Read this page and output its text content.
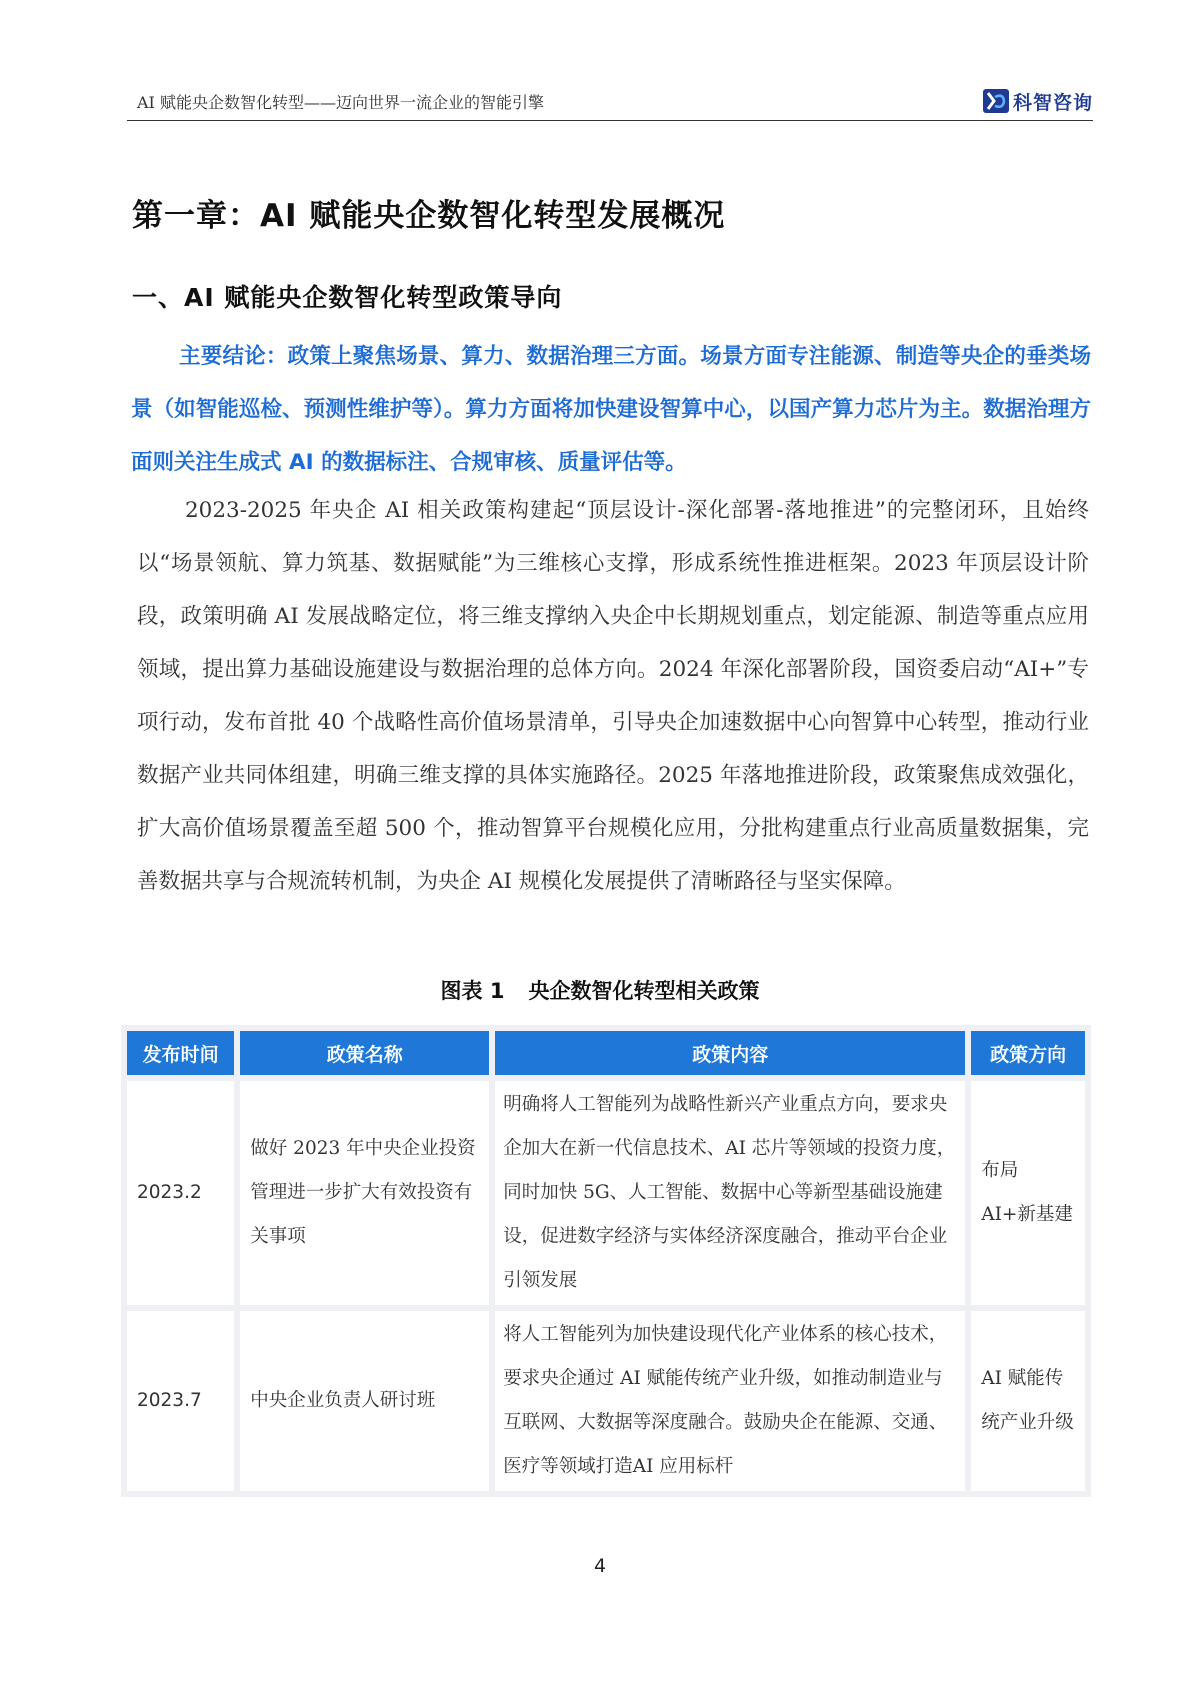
AI 赋能央企数智化转型——迈向世界一流企业的智能引擎	科智咨询
第一章：AI 赋能央企数智化转型发展概况
一、AI 赋能央企数智化转型政策导向

主要结论：政策上聚焦场景、算力、数据治理三方面。场景方面专注能源、制造等央企的垂类场景（如智能巡检、预测性维护等）。算力方面将加快建设智算中心，以国产算力芯片为主。数据治理方面则关注生成式 AI 的数据标注、合规审核、质量评估等。

2023-2025 年央企 AI 相关政策构建起“顶层设计-深化部署-落地推进”的完整闭环，且始终以“场景领航、算力筑基、数据赋能”为三维核心支撑，形成系统性推进框架。2023 年顶层设计阶段，政策明确 AI 发展战略定位，将三维支撑纳入央企中长期规划重点，划定能源、制造等重点应用领域，提出算力基础设施建设与数据治理的总体方向。2024 年深化部署阶段，国资委启动“AI+”专项行动，发布首批 40 个战略性高价值场景清单，引导央企加速数据中心向智算中心转型，推动行业数据产业共同体组建，明确三维支撑的具体实施路径。2025 年落地推进阶段，政策聚焦成效强化，扩大高价值场景覆盖至超 500 个，推动智算平台规模化应用，分批构建重点行业高质量数据集，完善数据共享与合规流转机制，为央企 AI 规模化发展提供了清晰路径与坚实保障。

图表 1 央企数智化转型相关政策
发布时间	政策名称	政策内容	政策方向
2023.2	做好 2023 年中央企业投资管理进一步扩大有效投资有关事项	明确将人工智能列为战略性新兴产业重点方向，要求央企加大在新一代信息技术、AI 芯片等领域的投资力度，同时加快 5G、人工智能、数据中心等新型基础设施建设，促进数字经济与实体经济深度融合，推动平台企业引领发展	布局 AI+新基建
2023.7	中央企业负责人研讨班	将人工智能列为加快建设现代化产业体系的核心技术，要求央企通过 AI 赋能传统产业升级，如推动制造业与互联网、大数据等深度融合。鼓励央企在能源、交通、医疗等领域打造AI 应用标杆	AI 赋能传统产业升级
4
